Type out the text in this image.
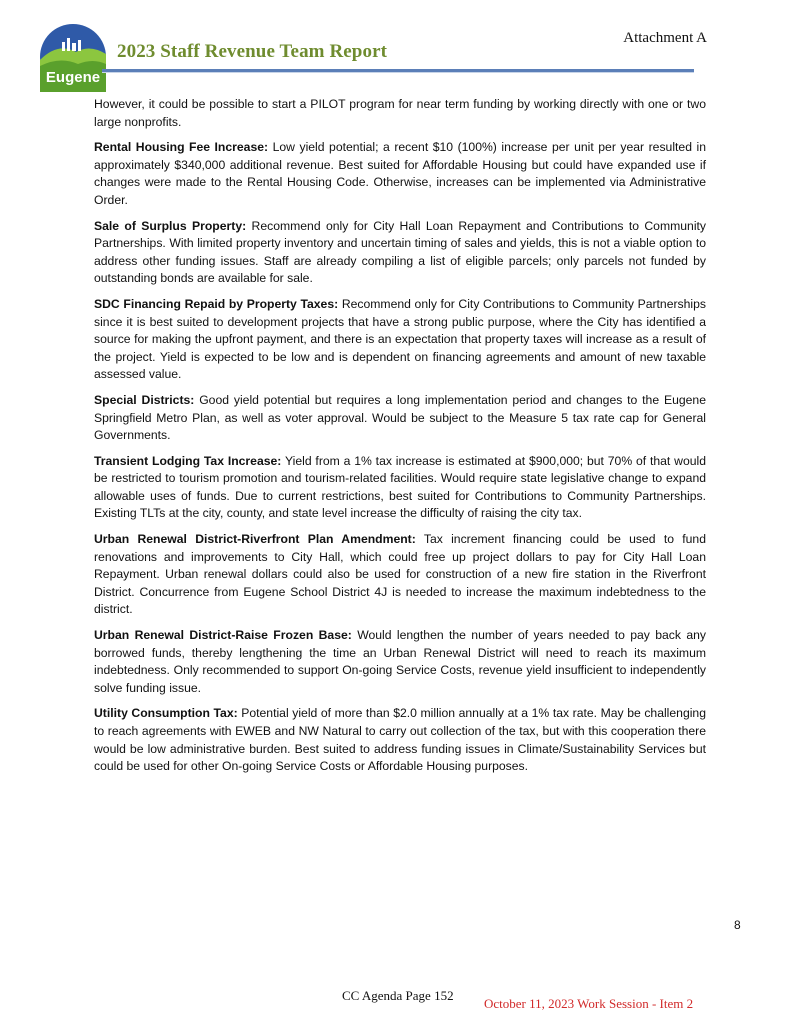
Eugene
2023 Staff Revenue Team Report
Attachment A

However, it could be possible to start a PILOT program for near term funding by working directly with one or two large nonprofits.

Rental Housing Fee Increase: Low yield potential; a recent $10 (100%) increase per unit per year resulted in approximately $340,000 additional revenue. Best suited for Affordable Housing but could have expanded use if changes were made to the Rental Housing Code. Otherwise, increases can be implemented via Administrative Order.

Sale of Surplus Property: Recommend only for City Hall Loan Repayment and Contributions to Community Partnerships. With limited property inventory and uncertain timing of sales and yields, this is not a viable option to address other funding issues. Staff are already compiling a list of eligible parcels; only parcels not funded by outstanding bonds are available for sale.

SDC Financing Repaid by Property Taxes: Recommend only for City Contributions to Community Partnerships since it is best suited to development projects that have a strong public purpose, where the City has identified a source for making the upfront payment, and there is an expectation that property taxes will increase as a result of the project. Yield is expected to be low and is dependent on financing agreements and amount of new taxable assessed value.

Special Districts: Good yield potential but requires a long implementation period and changes to the Eugene Springfield Metro Plan, as well as voter approval. Would be subject to the Measure 5 tax rate cap for General Governments.

Transient Lodging Tax Increase: Yield from a 1% tax increase is estimated at $900,000; but 70% of that would be restricted to tourism promotion and tourism-related facilities. Would require state legislative change to expand allowable uses of funds. Due to current restrictions, best suited for Contributions to Community Partnerships. Existing TLTs at the city, county, and state level increase the difficulty of raising the city tax.

Urban Renewal District-Riverfront Plan Amendment: Tax increment financing could be used to fund renovations and improvements to City Hall, which could free up project dollars to pay for City Hall Loan Repayment. Urban renewal dollars could also be used for construction of a new fire station in the Riverfront District. Concurrence from Eugene School District 4J is needed to increase the maximum indebtedness to the district.

Urban Renewal District-Raise Frozen Base: Would lengthen the number of years needed to pay back any borrowed funds, thereby lengthening the time an Urban Renewal District will need to reach its maximum indebtedness. Only recommended to support On-going Service Costs, revenue yield insufficient to independently solve funding issue.

Utility Consumption Tax: Potential yield of more than $2.0 million annually at a 1% tax rate. May be challenging to reach agreements with EWEB and NW Natural to carry out collection of the tax, but with this cooperation there would be low administrative burden. Best suited to address funding issues in Climate/Sustainability Services but could be used for other On-going Service Costs or Affordable Housing purposes.

8
CC Agenda Page 152
October 11, 2023 Work Session - Item 2
